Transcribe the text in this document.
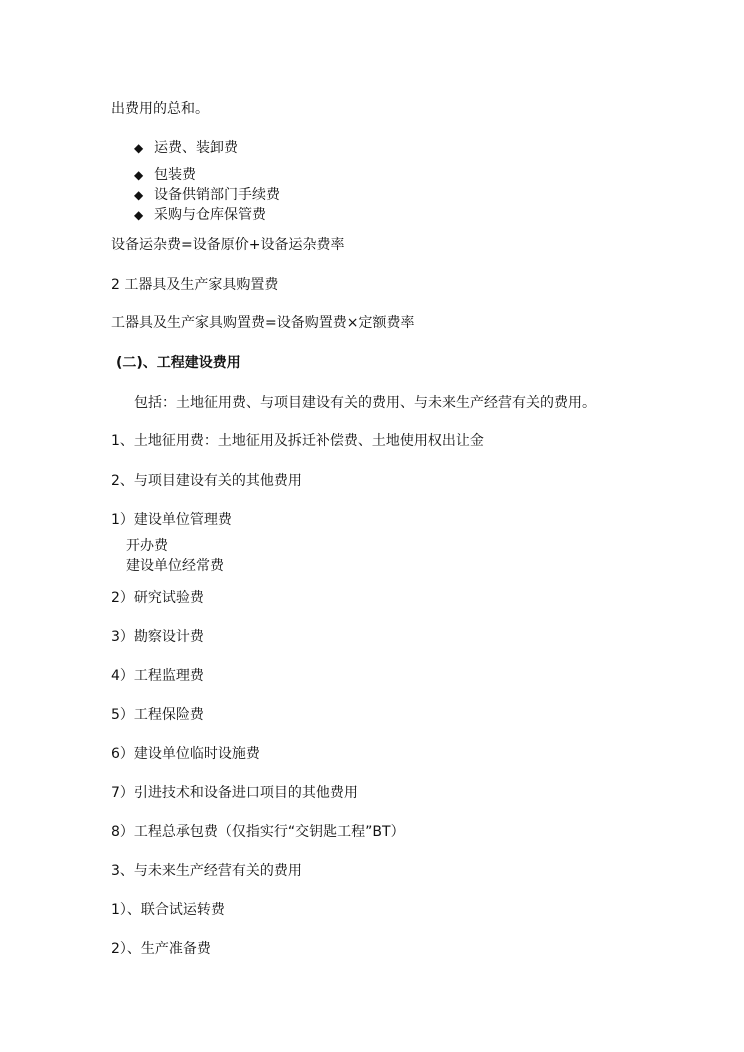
出费用的总和。
◆ 运费、装卸费
◆ 包装费
◆ 设备供销部门手续费
◆ 采购与仓库保管费
设备运杂费=设备原价+设备运杂费率
2 工器具及生产家具购置费
工器具及生产家具购置费=设备购置费×定额费率
(二)、工程建设费用
包括：土地征用费、与项目建设有关的费用、与未来生产经营有关的费用。
1、土地征用费：土地征用及拆迁补偿费、土地使用权出让金
2、与项目建设有关的其他费用
1）建设单位管理费
开办费
建设单位经常费
2）研究试验费
3）勘察设计费
4）工程监理费
5）工程保险费
6）建设单位临时设施费
7）引进技术和设备进口项目的其他费用
8）工程总承包费（仅指实行“交钥匙工程”BT）
3、与未来生产经营有关的费用
1）、联合试运转费
2）、生产准备费
